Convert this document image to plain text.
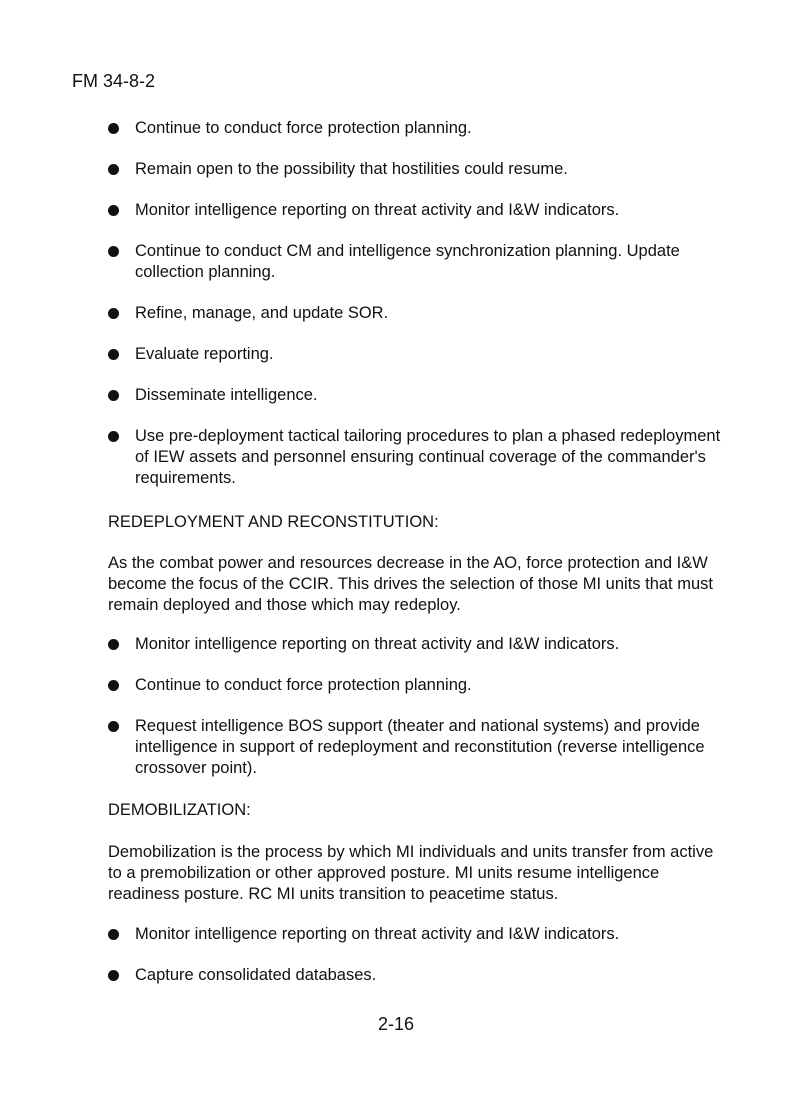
FM 34-8-2
Continue to conduct force protection planning.
Remain open to the possibility that hostilities could resume.
Monitor intelligence reporting on threat activity and I&W indicators.
Continue to conduct CM and intelligence synchronization planning. Update collection planning.
Refine, manage, and update SOR.
Evaluate reporting.
Disseminate intelligence.
Use pre-deployment tactical tailoring procedures to plan a phased redeployment of IEW assets and personnel ensuring continual coverage of the commander's requirements.
REDEPLOYMENT AND RECONSTITUTION:
As the combat power and resources decrease in the AO, force protection and I&W become the focus of the CCIR. This drives the selection of those MI units that must remain deployed and those which may redeploy.
Monitor intelligence reporting on threat activity and I&W indicators.
Continue to conduct force protection planning.
Request intelligence BOS support (theater and national systems) and provide intelligence in support of redeployment and reconstitution (reverse intelligence crossover point).
DEMOBILIZATION:
Demobilization is the process by which MI individuals and units transfer from active to a premobilization or other approved posture. MI units resume intelligence readiness posture. RC MI units transition to peacetime status.
Monitor intelligence reporting on threat activity and I&W indicators.
Capture consolidated databases.
2-16
